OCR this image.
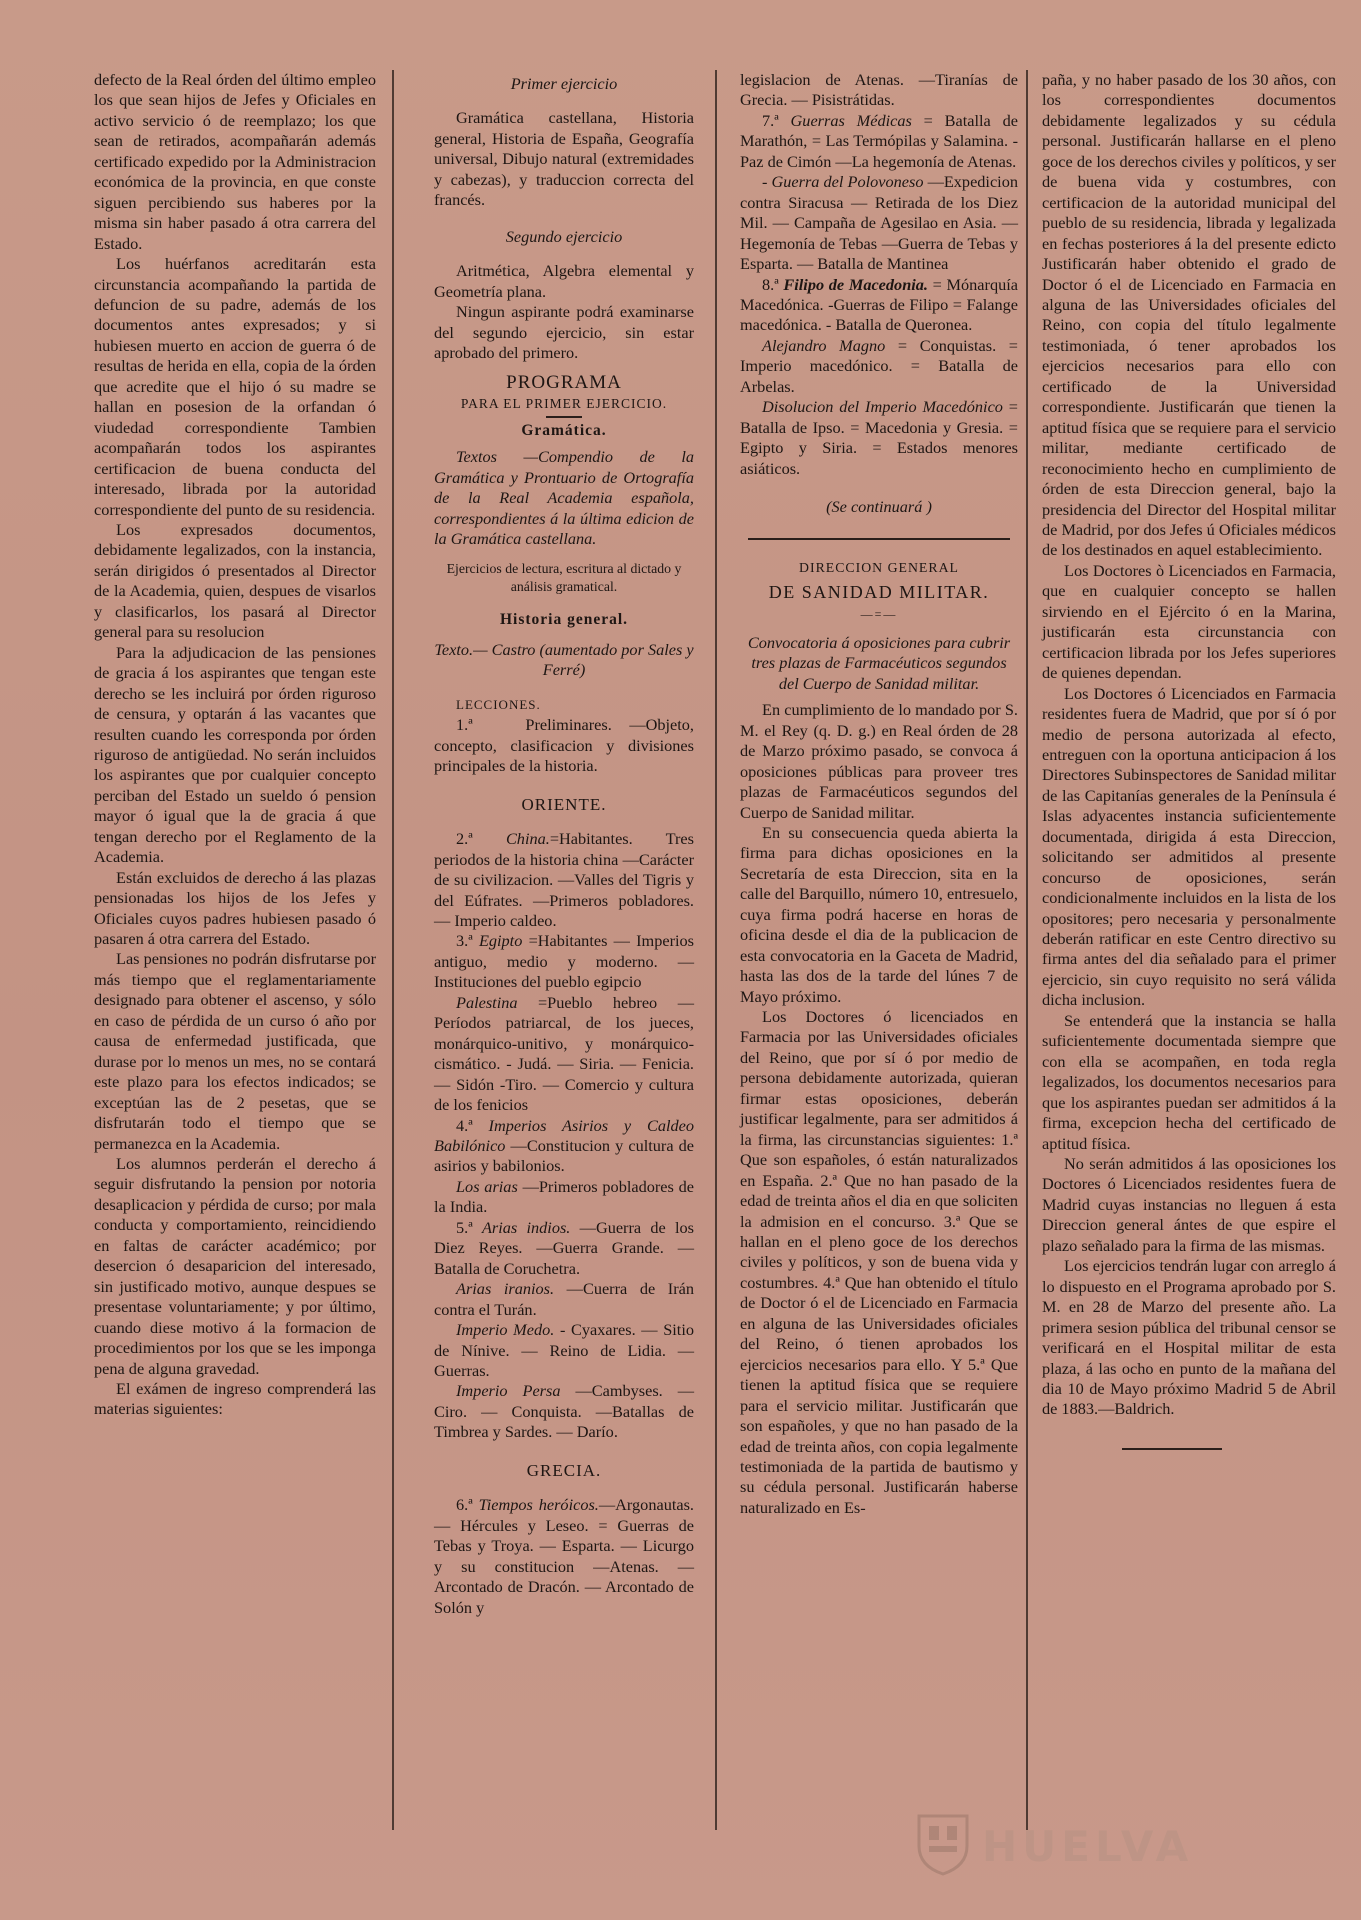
defecto de la Real órden del último empleo los que sean hijos de Jefes y Oficiales en activo servicio ó de reemplazo; los que sean de retirados, acompañarán además certificado expedido por la Administracion económica de la provincia, en que conste siguen percibiendo sus haberes por la misma sin haber pasado á otra carrera del Estado.

Los huérfanos acreditarán esta circunstancia acompañando la partida de defuncion de su padre, además de los documentos antes expresados; y si hubiesen muerto en accion de guerra ó de resultas de herida en ella, copia de la órden que acredite que el hijo ó su madre se hallan en posesion de la orfandan ó viudedad correspondiente Tambien acompañarán todos los aspirantes certificacion de buena conducta del interesado, librada por la autoridad correspondiente del punto de su residencia.

Los expresados documentos, debidamente legalizados, con la instancia, serán dirigidos ó presentados al Director de la Academia, quien, despues de visarlos y clasificarlos, los pasará al Director general para su resolucion

Para la adjudicacion de las pensiones de gracia á los aspirantes que tengan este derecho se les incluirá por órden riguroso de censura, y optarán á las vacantes que resulten cuando les corresponda por órden riguroso de antigüedad. No serán incluidos los aspirantes que por cualquier concepto perciban del Estado un sueldo ó pension mayor ó igual que la de gracia á que tengan derecho por el Reglamento de la Academia.

Están excluidos de derecho á las plazas pensionadas los hijos de los Jefes y Oficiales cuyos padres hubiesen pasado ó pasaren á otra carrera del Estado.

Las pensiones no podrán disfrutarse por más tiempo que el reglamentariamente designado para obtener el ascenso, y sólo en caso de pérdida de un curso ó año por causa de enfermedad justificada, que durase por lo menos un mes, no se contará este plazo para los efectos indicados; se exceptúan las de 2 pesetas, que se disfrutarán todo el tiempo que se permanezca en la Academia.

Los alumnos perderán el derecho á seguir disfrutando la pension por notoria desaplicacion y pérdida de curso; por mala conducta y comportamiento, reincidiendo en faltas de carácter académico; por desercion ó desaparicion del interesado, sin justificado motivo, aunque despues se presentase voluntariamente; y por último, cuando diese motivo á la formacion de procedimientos por los que se les imponga pena de alguna gravedad.

El exámen de ingreso comprenderá las materias siguientes:

Primer ejercicio

Gramática castellana, Historia general, Historia de España, Geografía universal, Dibujo natural (extremidades y cabezas), y traduccion correcta del francés.

Segundo ejercicio

Aritmética, Algebra elemental y Geometría plana.

Ningun aspirante podrá examinarse del segundo ejercicio, sin estar aprobado del primero.

PROGRAMA
PARA EL PRIMER EJERCICIO.
Gramática.

Textos —Compendio de la Gramática y Prontuario de Ortografía de la Real Academia española, correspondientes á la última edicion de la Gramática castellana.

Ejercicios de lectura, escritura al dictado y análisis gramatical.
Historia general.

Texto.— Castro (aumentado por Sales y Ferré)

LECCIONES.

1.ª	Preliminares. —Objeto, concepto, clasificacion y divisiones principales de la historia.

ORIENTE.

2.ª China.=Habitantes. Tres periodos de la historia china —Carácter de su civilizacion. —Valles del Tigris y del Eúfrates. —Primeros pobladores. — Imperio caldeo.

3.ª Egipto =Habitantes — Imperios antiguo, medio y moderno. — Instituciones del pueblo egipcio

Palestina =Pueblo hebreo — Períodos patriarcal, de los jueces, monárquico-unitivo, y monárquico-cismático. - Judá. — Siria. — Fenicia. — Sidón -Tiro. — Comercio y cultura de los fenicios

4.ª Imperios Asirios y Caldeo Babilónico —Constitucion y cultura de asirios y babilonios.

Los arias —Primeros pobladores de la India.

5.ª Arias indios. —Guerra de los Diez Reyes. —Guerra Grande. — Batalla de Coruchetra.

Arias iranios. —Cuerra de Irán contra el Turán.

Imperio Medo. - Cyaxares. — Sitio de Nínive. — Reino de Lidia. — Guerras.

Imperio Persa —Cambyses. — Ciro. — Conquista. —Batallas de Timbrea y Sardes. — Darío.

GRECIA.

6.ª Tiempos heróicos.—Argonautas. — Hércules y Leseo. = Guerras de Tebas y Troya. — Esparta. — Licurgo y su constitucion —Atenas. — Arcontado de Dracón. — Arcontado de Solón y

legislacion de Atenas. —Tiranías de Grecia. — Pisistrátidas.

7.ª Guerras Médicas = Batalla de Marathón, = Las Termópilas y Salamina. - Paz de Cimón —La hegemonía de Atenas.

- Guerra del Polovoneso —Expedicion contra Siracusa — Retirada de los Diez Mil. — Campaña de Agesilao en Asia. — Hegemonía de Tebas —Guerra de Tebas y Esparta. — Batalla de Mantinea

8.ª Filipo de Macedonia. = Mónarquía Macedónica. -Guerras de Filipo = Falange macedónica. - Batalla de Queronea.

Alejandro Magno = Conquistas. = Imperio macedónico. = Batalla de Arbelas.

Disolucion del Imperio Macedónico = Batalla de Ipso. = Macedonia y Gresia. = Egipto y Siria. = Estados menores asiáticos.

(Se continuará )
DIRECCION GENERAL
DE SANIDAD MILITAR.
—=—
Convocatoria á oposiciones para cubrir tres plazas de Farmacéuticos segundos del Cuerpo de Sanidad militar.

En cumplimiento de lo mandado por S. M. el Rey (q. D. g.) en Real órden de 28 de Marzo próximo pasado, se convoca á oposiciones públicas para proveer tres plazas de Farmacéuticos segundos del Cuerpo de Sanidad militar.

En su consecuencia queda abierta la firma para dichas oposiciones en la Secretaría de esta Direccion, sita en la calle del Barquillo, número 10, entresuelo, cuya firma podrá hacerse en horas de oficina desde el dia de la publicacion de esta convocatoria en la Gaceta de Madrid, hasta las dos de la tarde del lúnes 7 de Mayo próximo.

Los Doctores ó licenciados en Farmacia por las Universidades oficiales del Reino, que por sí ó por medio de persona debidamente autorizada, quieran firmar estas oposiciones, deberán justificar legalmente, para ser admitidos á la firma, las circunstancias siguientes: 1.ª Que son españoles, ó están naturalizados en España. 2.ª Que no han pasado de la edad de treinta años el dia en que soliciten la admision en el concurso. 3.ª Que se hallan en el pleno goce de los derechos civiles y políticos, y son de buena vida y costumbres. 4.ª Que han obtenido el título de Doctor ó el de Licenciado en Farmacia en alguna de las Universidades oficiales del Reino, ó tienen aprobados los ejercicios necesarios para ello. Y 5.ª Que tienen la aptitud física que se requiere para el servicio militar. Justificarán que son españoles, y que no han pasado de la edad de treinta años, con copia legalmente testimoniada de la partida de bautismo y su cédula personal. Justificarán haberse naturalizado en Es-

paña, y no haber pasado de los 30 años, con los correspondientes documentos debidamente legalizados y su cédula personal. Justificarán hallarse en el pleno goce de los derechos civiles y políticos, y ser de buena vida y costumbres, con certificacion de la autoridad municipal del pueblo de su residencia, librada y legalizada en fechas posteriores á la del presente edicto Justificarán haber obtenido el grado de Doctor ó el de Licenciado en Farmacia en alguna de las Universidades oficiales del Reino, con copia del título legalmente testimoniada, ó tener aprobados los ejercicios necesarios para ello con certificado de la Universidad correspondiente. Justificarán que tienen la aptitud física que se requiere para el servicio militar, mediante certificado de reconocimiento hecho en cumplimiento de órden de esta Direccion general, bajo la presidencia del Director del Hospital militar de Madrid, por dos Jefes ú Oficiales médicos de los destinados en aquel establecimiento.

Los Doctores ò Licenciados en Farmacia, que en cualquier concepto se hallen sirviendo en el Ejército ó en la Marina, justificarán esta circunstancia con certificacion librada por los Jefes superiores de quienes dependan.

Los Doctores ó Licenciados en Farmacia residentes fuera de Madrid, que por sí ó por medio de persona autorizada al efecto, entreguen con la oportuna anticipacion á los Directores Subinspectores de Sanidad militar de las Capitanías generales de la Península é Islas adyacentes instancia suficientemente documentada, dirigida á esta Direccion, solicitando ser admitidos al presente concurso de oposiciones, serán condicionalmente incluidos en la lista de los opositores; pero necesaria y personalmente deberán ratificar en este Centro directivo su firma antes del dia señalado para el primer ejercicio, sin cuyo requisito no será válida dicha inclusion.

Se entenderá que la instancia se halla suficientemente documentada siempre que con ella se acompañen, en toda regla legalizados, los documentos necesarios para que los aspirantes puedan ser admitidos á la firma, excepcion hecha del certificado de aptitud física.

No serán admitidos á las oposiciones los Doctores ó Licenciados residentes fuera de Madrid cuyas instancias no lleguen á esta Direccion general ántes de que espire el plazo señalado para la firma de las mismas.

Los ejercicios tendrán lugar con arreglo á lo dispuesto en el Programa aprobado por S. M. en 28 de Marzo del presente año. La primera sesion pública del tribunal censor se verificará en el Hospital militar de esta plaza, á las ocho en punto de la mañana del dia 10 de Mayo próximo Madrid 5 de Abril de 1883.—Baldrich.

HUELVA
